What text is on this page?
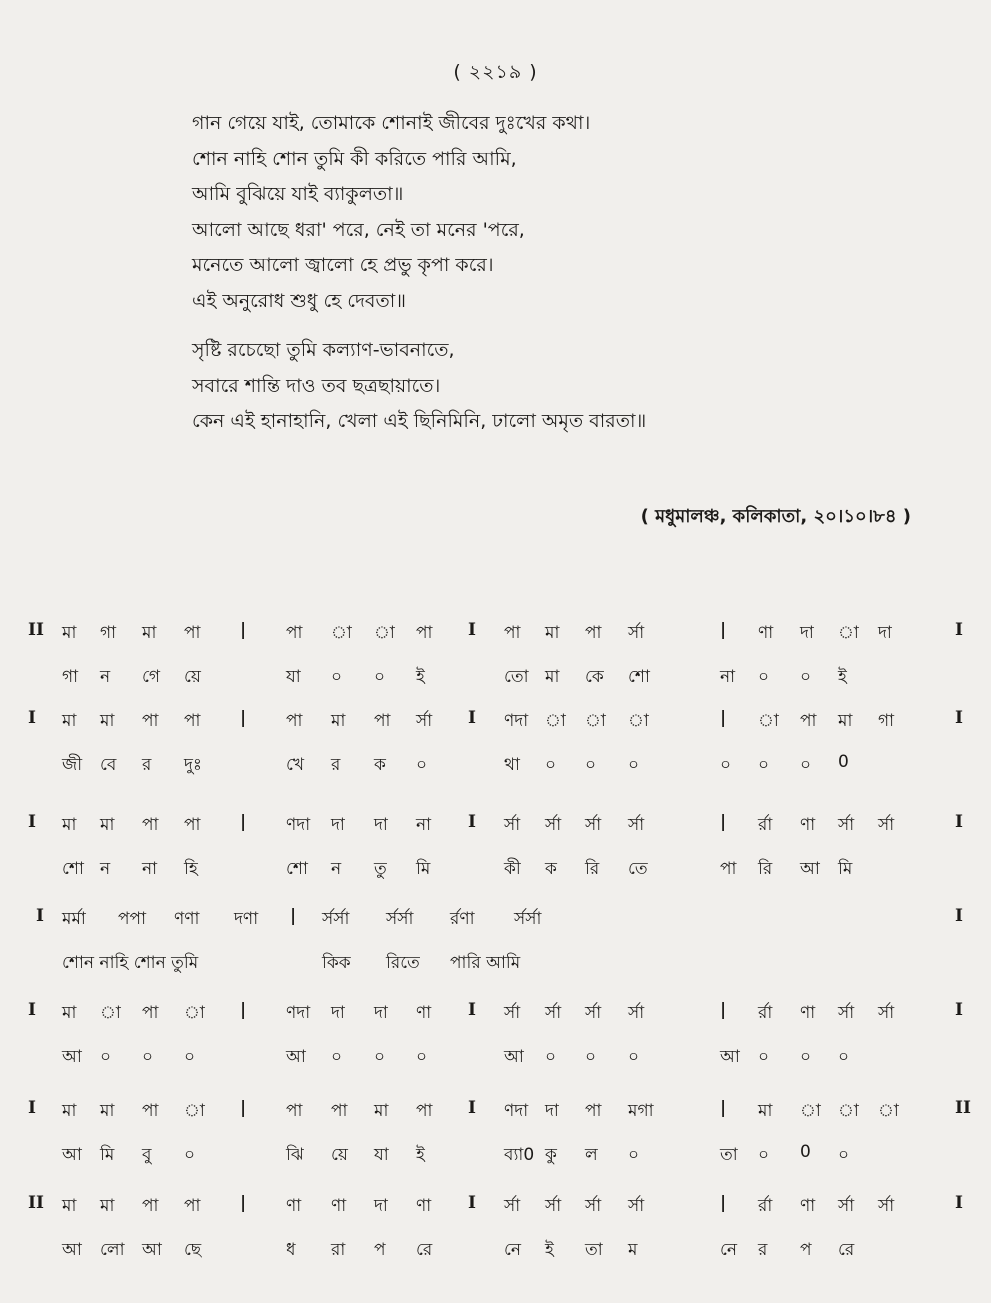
( ২২১৯ )
গান গেয়ে যাই, তোমাকে শোনাই জীবের দুঃখের কথা।
শোন নাহি শোন তুমি কী করিতে পারি আমি,
আমি বুঝিয়ে যাই ব্যাকুলতা॥
আলো আছে ধরা' পরে, নেই তা মনের 'পরে,
মনেতে আলো জ্বালো হে প্রভু কৃপা করে।
এই অনুরোধ শুধু হে দেবতা॥
সৃষ্টি রচেছো তুমি কল্যাণ-ভাবনাতে,
সবারে শান্তি দাও তব ছত্রছায়াতে।
কেন এই হানাহানি, খেলা এই ছিনিমিনি, ঢালো অমৃত বারতা॥
( মধুমালঞ্চ, কলিকাতা, ২০।১০।৮৪ )
II মা গা মা পা | পা া া পা I পা মা পা র্সা	| ণা দা া দা	I
গা ন গে য়ে	যা ০ ০ ই	তো মা কে শো	না ০ ০ ই
I মা মা পা পা | পা মা পা র্সা I ণদা া া া	| া পা মা গা	I
জী বে র দুঃ	খে র ক ০	থা ০ ০ ০	০ ০ ০ 0
I মা মা পা পা | ণদা দা দা না I র্সা র্সা র্সা র্সা	| র্রা ণা র্সা র্সা	I
শো ন না হি	শো ন তু মি	কী ক রি তে	পা রি আ মি
I মর্মা পপা ণণা দণা | র্সর্সা র্সর্সা র্রণা র্সর্সা	I
শোন নাহি শোন তুমি	কিক রিতে পারি আমি
I মা া পা া | ণদা দা দা ণা I র্সা র্সা র্সা র্সা	| র্রা ণা র্সা র্সা	I
আ ০ ০ ০	আ ০ ০ ০	আ ০ ০ ০	আ ০ ০ ০
I মা মা পা া | পা পা মা পা I ণদা দা পা মগা	| মা া া া	II
আ মি বু ০	ঝি য়ে যা ই	ব্যা0 কু ল ০	তা ০ 0 ০
II মা মা পা পা | ণা ণা দা ণা I র্সা র্সা র্সা র্সা	| র্রা ণা র্সা র্সা	I
আ লো আ ছে	ধ রা প রে	নে ই তা ম	নে র প রে
